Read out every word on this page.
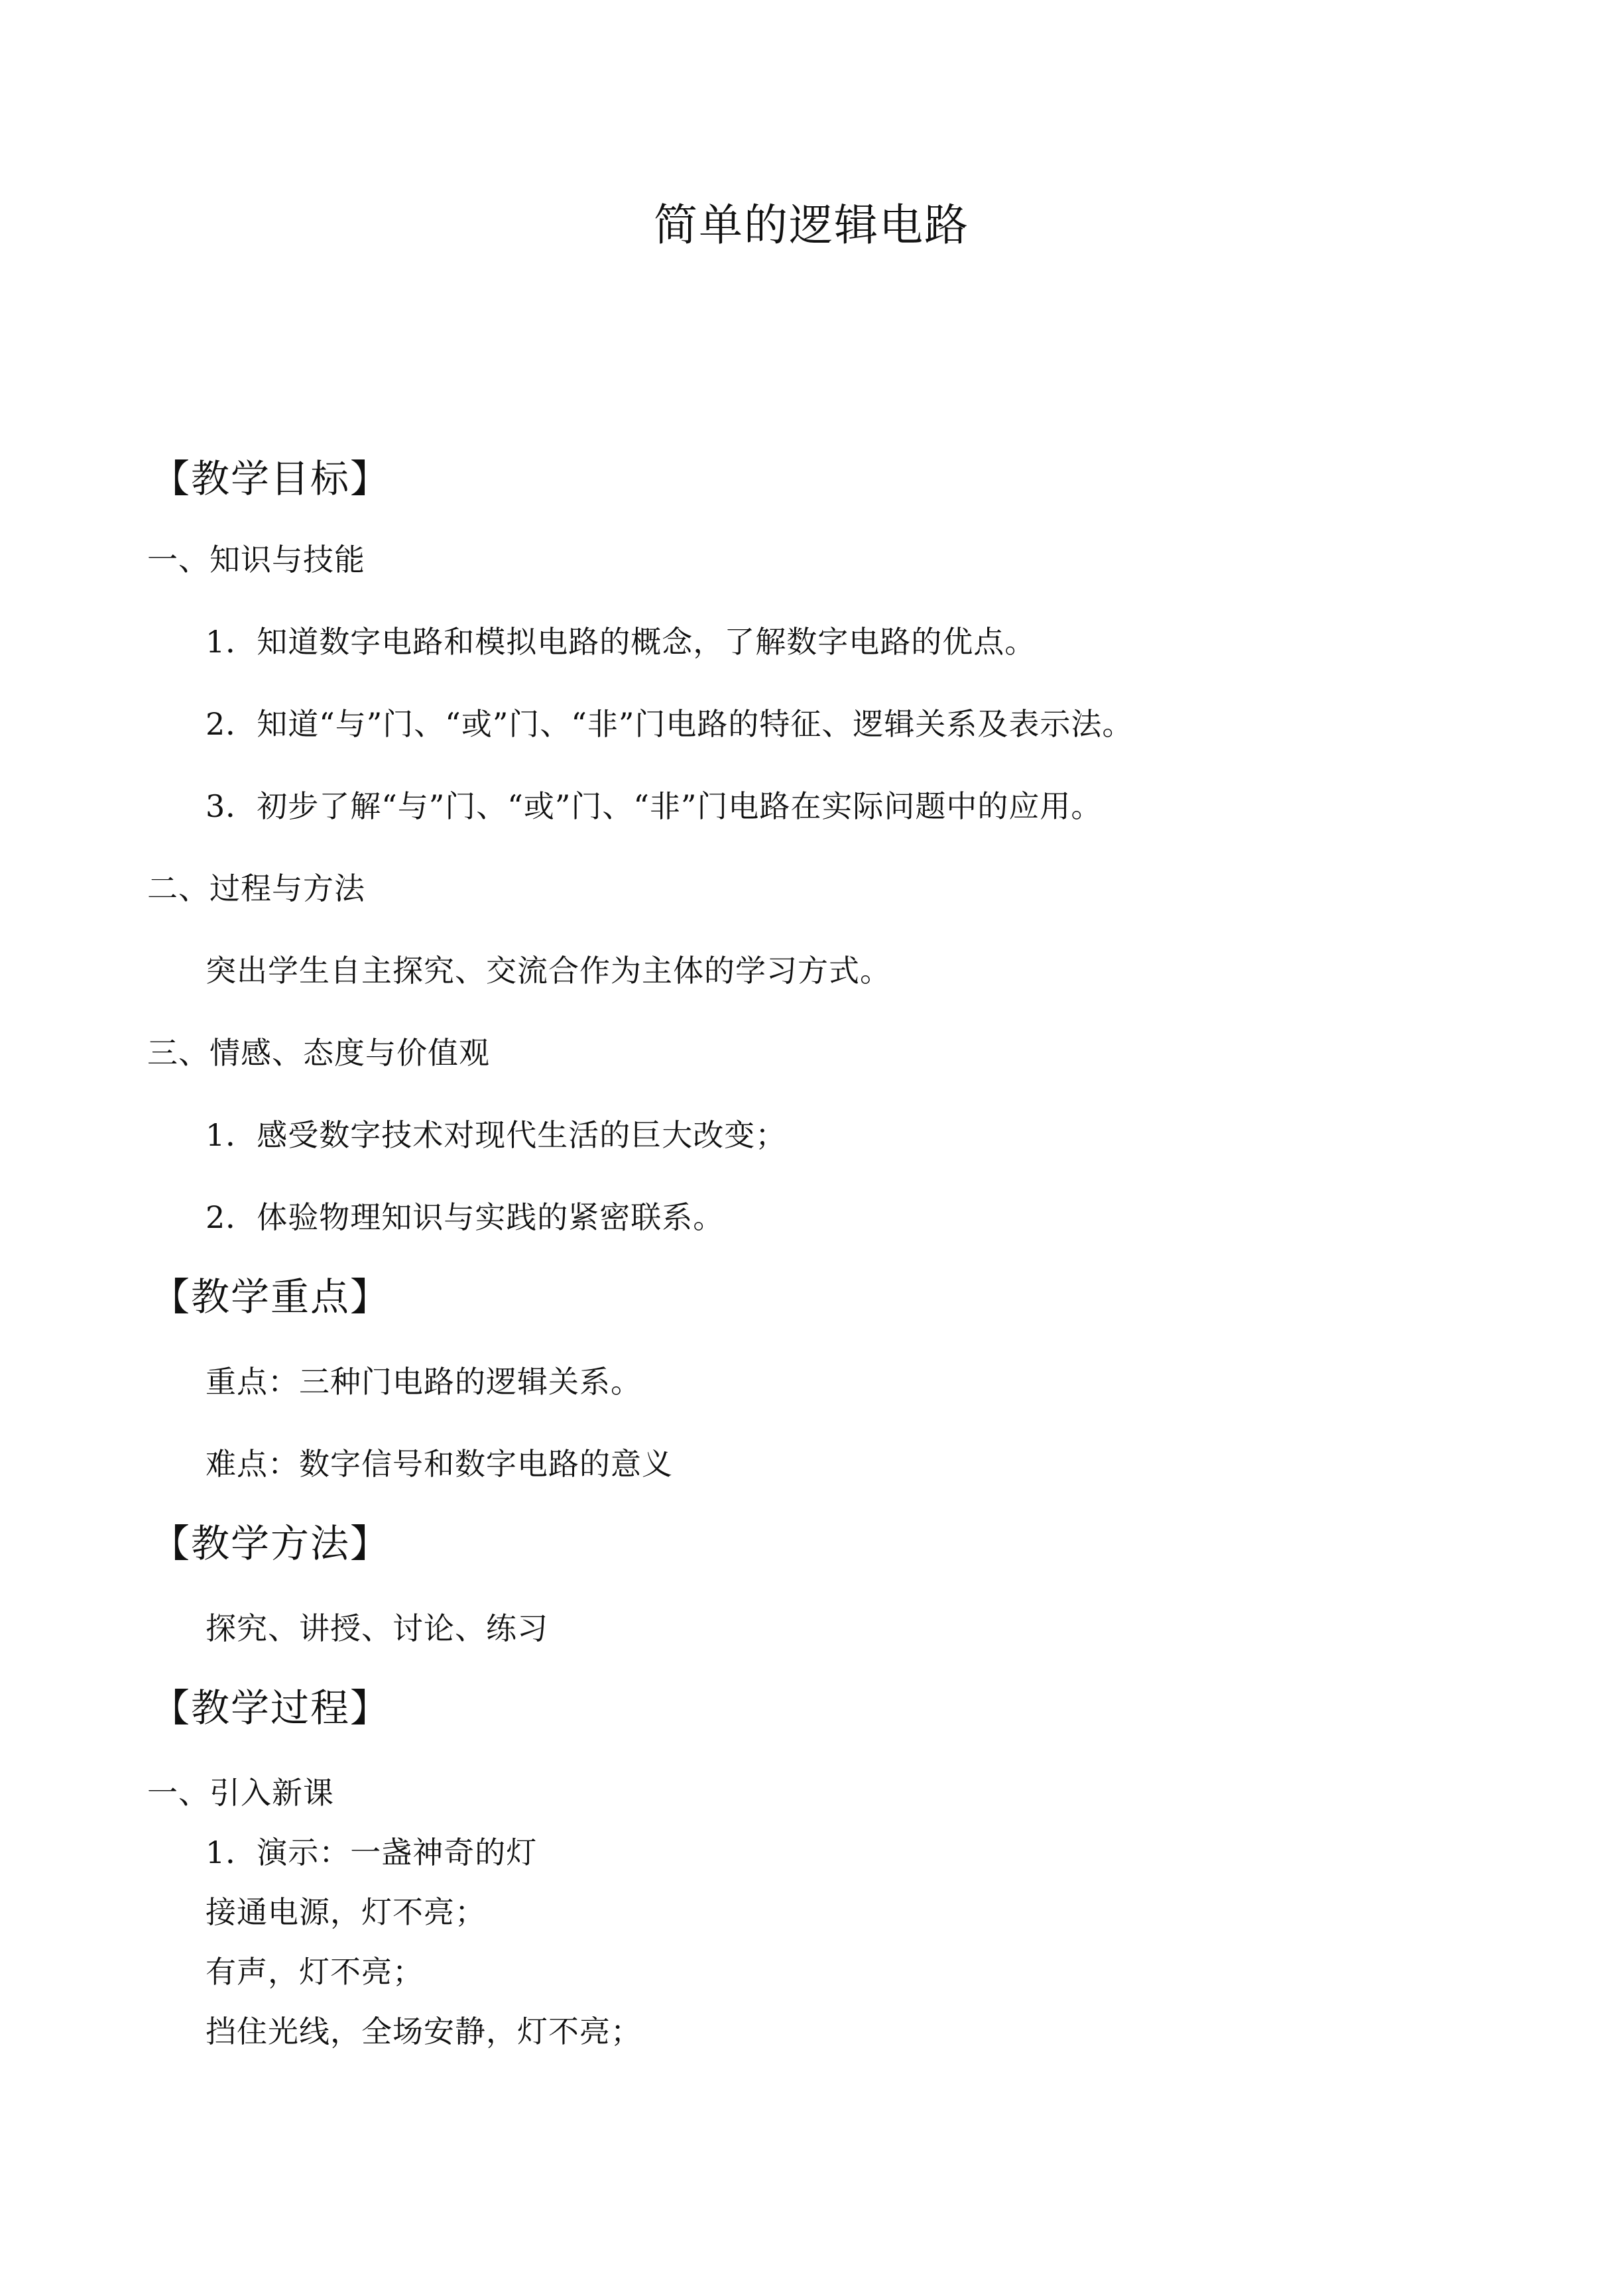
简单的逻辑电路
【教学目标】
一、知识与技能
1．知道数字电路和模拟电路的概念，了解数字电路的优点。
2．知道“与”门、“或”门、“非”门电路的特征、逻辑关系及表示法。
3．初步了解“与”门、“或”门、“非”门电路在实际问题中的应用。
二、过程与方法
突出学生自主探究、交流合作为主体的学习方式。
三、情感、态度与价值观
1．感受数字技术对现代生活的巨大改变；
2．体验物理知识与实践的紧密联系。
【教学重点】
重点：三种门电路的逻辑关系。
难点：数字信号和数字电路的意义
【教学方法】
探究、讲授、讨论、练习
【教学过程】
一、引入新课
1．演示：一盏神奇的灯
接通电源，灯不亮；
有声，灯不亮；
挡住光线，全场安静，灯不亮；
